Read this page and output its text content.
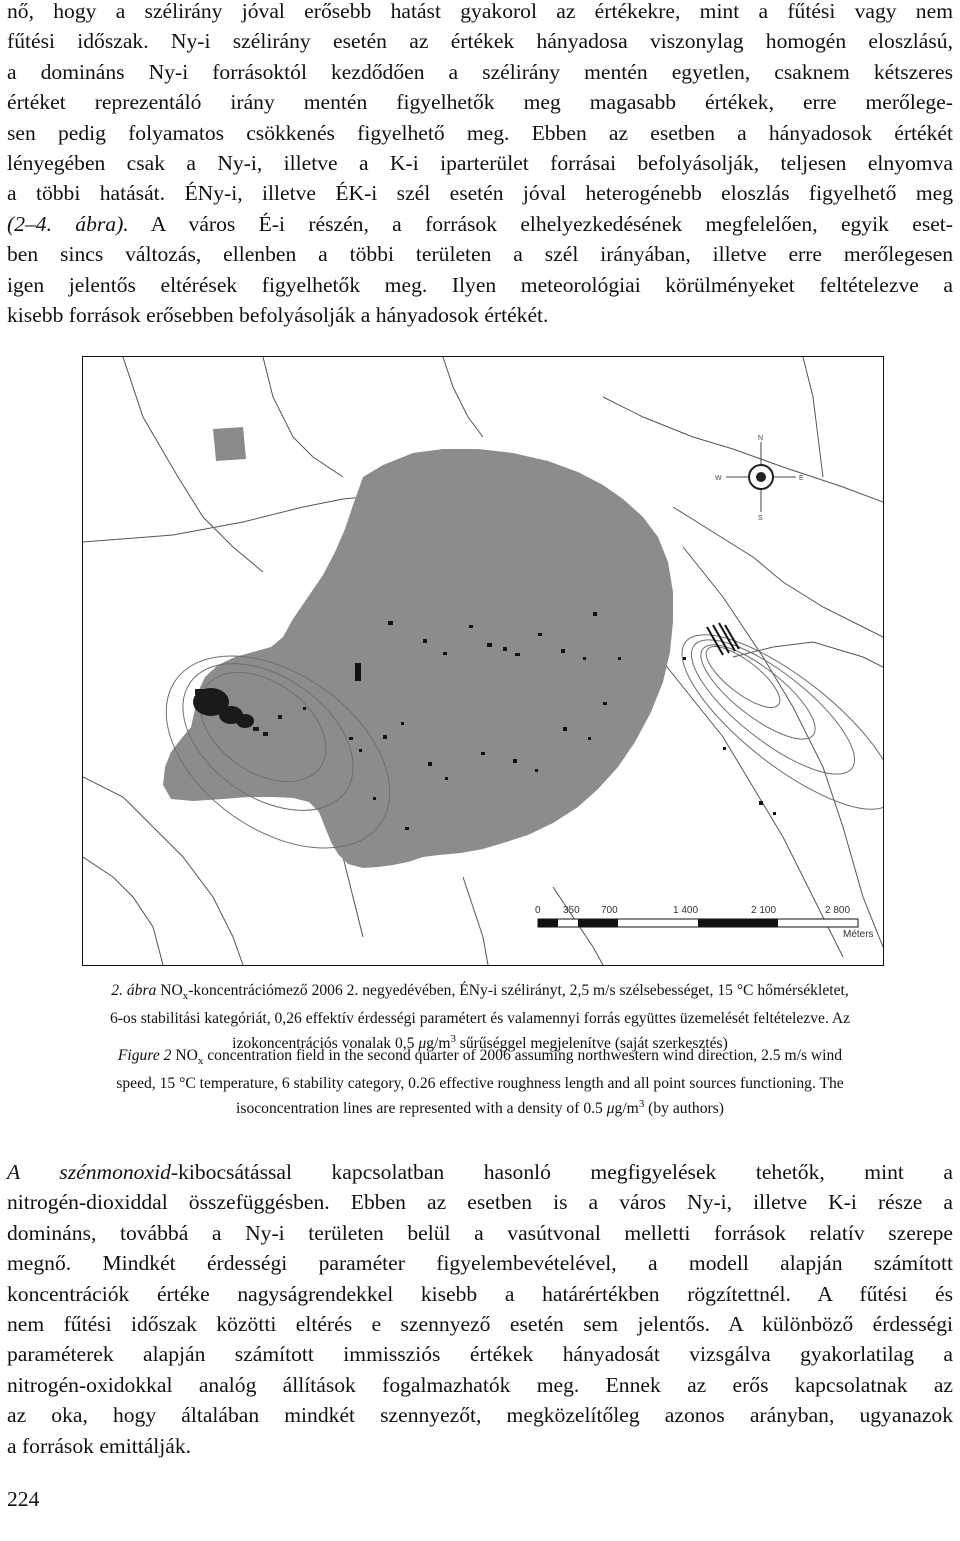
nő, hogy a szélirány jóval erősebb hatást gyakorol az értékekre, mint a fűtési vagy nem
fűtési időszak. Ny-i szélirány esetén az értékek hányadosa viszonylag homogén eloszlású,
a domináns Ny-i forrásoktól kezdődően a szélirány mentén egyetlen, csaknem kétszeres
értéket reprezentáló irány mentén figyelhetők meg magasabb értékek, erre merőlege-
sen pedig folyamatos csökkenés figyelhető meg. Ebben az esetben a hányadosok értékét
lényegében csak a Ny-i, illetve a K-i iparterület forrásai befolyásolják, teljesen elnyomva
a többi hatását. ÉNy-i, illetve ÉK-i szél esetén jóval heterogénebb eloszlás figyelhető meg
(2–4. ábra). A város É-i részén, a források elhelyezkedésének megfelelően, egyik eset-
ben sincs változás, ellenben a többi területen a szél irányában, illetve erre merőlegesen
igen jelentős eltérések figyelhetők meg. Ilyen meteorológiai körülményeket feltételezve a
kisebb források erősebben befolyásolják a hányadosok értékét.
N
S
E
W
0 350 700	1 400	2 100	2 800
Méters
2. ábra $NO_x$-koncentrációmező 2006 2. negyedévében, ÉNy-i szélirányt, 2,5 m/s szélsebességet, 15 °C hőmérsékletet,
6-os stabilitási kategóriát, 0,26 effektív érdességi paramétert és valamennyi forrás együttes üzemelését feltételezve. Az
izokoncentrációs vonalak 0,5 $\mu g/m^3$ sűrűséggel megjelenítve (saját szerkesztés)
Figure 2 $NO_x$ concentration field in the second quarter of 2006 assuming northwestern wind direction, 2.5 m/s wind
speed, 15 °C temperature, 6 stability category, 0.26 effective roughness length and all point sources functioning. The
isoconcentration lines are represented with a density of 0.5 $\mu g/m^3$ (by authors)
A szénmonoxid-kibocsátással kapcsolatban hasonló megfigyelések tehetők, mint a
nitrogén-dioxiddal összefüggésben. Ebben az esetben is a város Ny-i, illetve K-i része a
domináns, továbbá a Ny-i területen belül a vasútvonal melletti források relatív szerepe
megnő. Mindkét érdességi paraméter figyelembevételével, a modell alapján számított
koncentrációk értéke nagyságrendekkel kisebb a határértékben rögzítettnél. A fűtési és
nem fűtési időszak közötti eltérés e szennyező esetén sem jelentős. A különböző érdességi
paraméterek alapján számított immissziós értékek hányadosát vizsgálva gyakorlatilag a
nitrogén-oxidokkal analóg állítások fogalmazhatók meg. Ennek az erős kapcsolatnak az
az oka, hogy általában mindkét szennyezőt, megközelítőleg azonos arányban, ugyanazok
a források emittálják.
224
